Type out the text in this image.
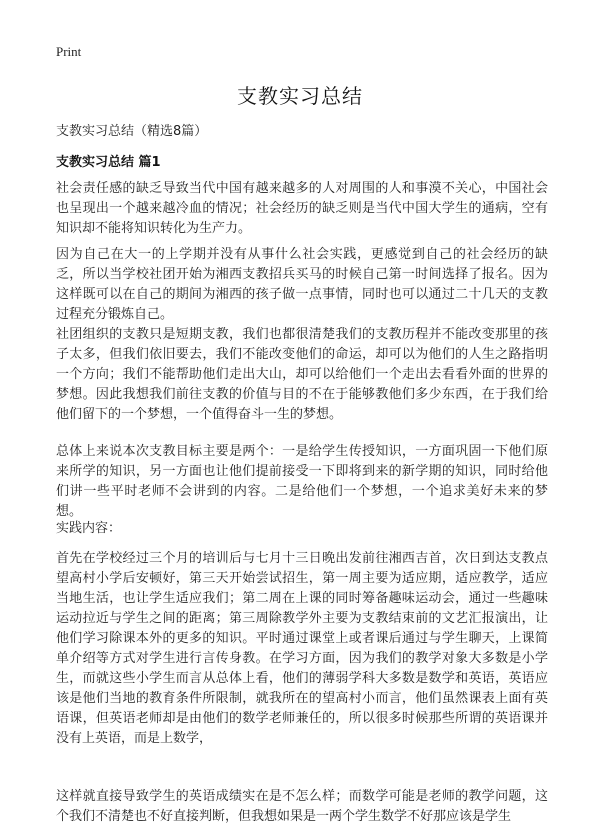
Print
支教实习总结
支教实习总结（精选8篇）
支教实习总结 篇1
社会责任感的缺乏导致当代中国有越来越多的人对周围的人和事漠不关心，中国社会也呈现出一个越来越冷血的情况；社会经历的缺乏则是当代中国大学生的通病，空有知识却不能将知识转化为生产力。
因为自己在大一的上学期并没有从事什么社会实践，更感觉到自己的社会经历的缺乏，所以当学校社团开始为湘西支教招兵买马的时候自己第一时间选择了报名。因为这样既可以在自己的期间为湘西的孩子做一点事情，同时也可以通过二十几天的支教过程充分锻炼自己。
社团组织的支教只是短期支教，我们也都很清楚我们的支教历程并不能改变那里的孩子太多，但我们依旧要去，我们不能改变他们的命运，却可以为他们的人生之路指明一个方向；我们不能帮助他们走出大山，却可以给他们一个走出去看看外面的世界的梦想。因此我想我们前往支教的价值与目的不在于能够教他们多少东西，在于我们给他们留下的一个梦想，一个值得奋斗一生的梦想。
总体上来说本次支教目标主要是两个：一是给学生传授知识，一方面巩固一下他们原来所学的知识，另一方面也让他们提前接受一下即将到来的新学期的知识，同时给他们讲一些平时老师不会讲到的内容。二是给他们一个梦想，一个追求美好未来的梦想。
实践内容：
首先在学校经过三个月的培训后与七月十三日晚出发前往湘西吉首，次日到达支教点望高村小学后安顿好，第三天开始尝试招生，第一周主要为适应期，适应教学，适应当地生活，也让学生适应我们；第二周在上课的同时筹备趣味运动会，通过一些趣味运动拉近与学生之间的距离；第三周除教学外主要为支教结束前的文艺汇报演出，让他们学习除课本外的更多的知识。平时通过课堂上或者课后通过与学生聊天，上课简单介绍等方式对学生进行言传身教。在学习方面，因为我们的教学对象大多数是小学生，而就这些小学生而言从总体上看，他们的薄弱学科大多数是数学和英语，英语应该是他们当地的教育条件所限制，就我所在的望高村小而言，他们虽然课表上面有英语课，但英语老师却是由他们的数学老师兼任的，所以很多时候那些所谓的英语课并没有上英语，而是上数学，
这样就直接导致学生的英语成绩实在是不怎么样；而数学可能是老师的教学问题，这个我们不清楚也不好直接判断，但我想如果是一两个学生数学不好那应该是学生
